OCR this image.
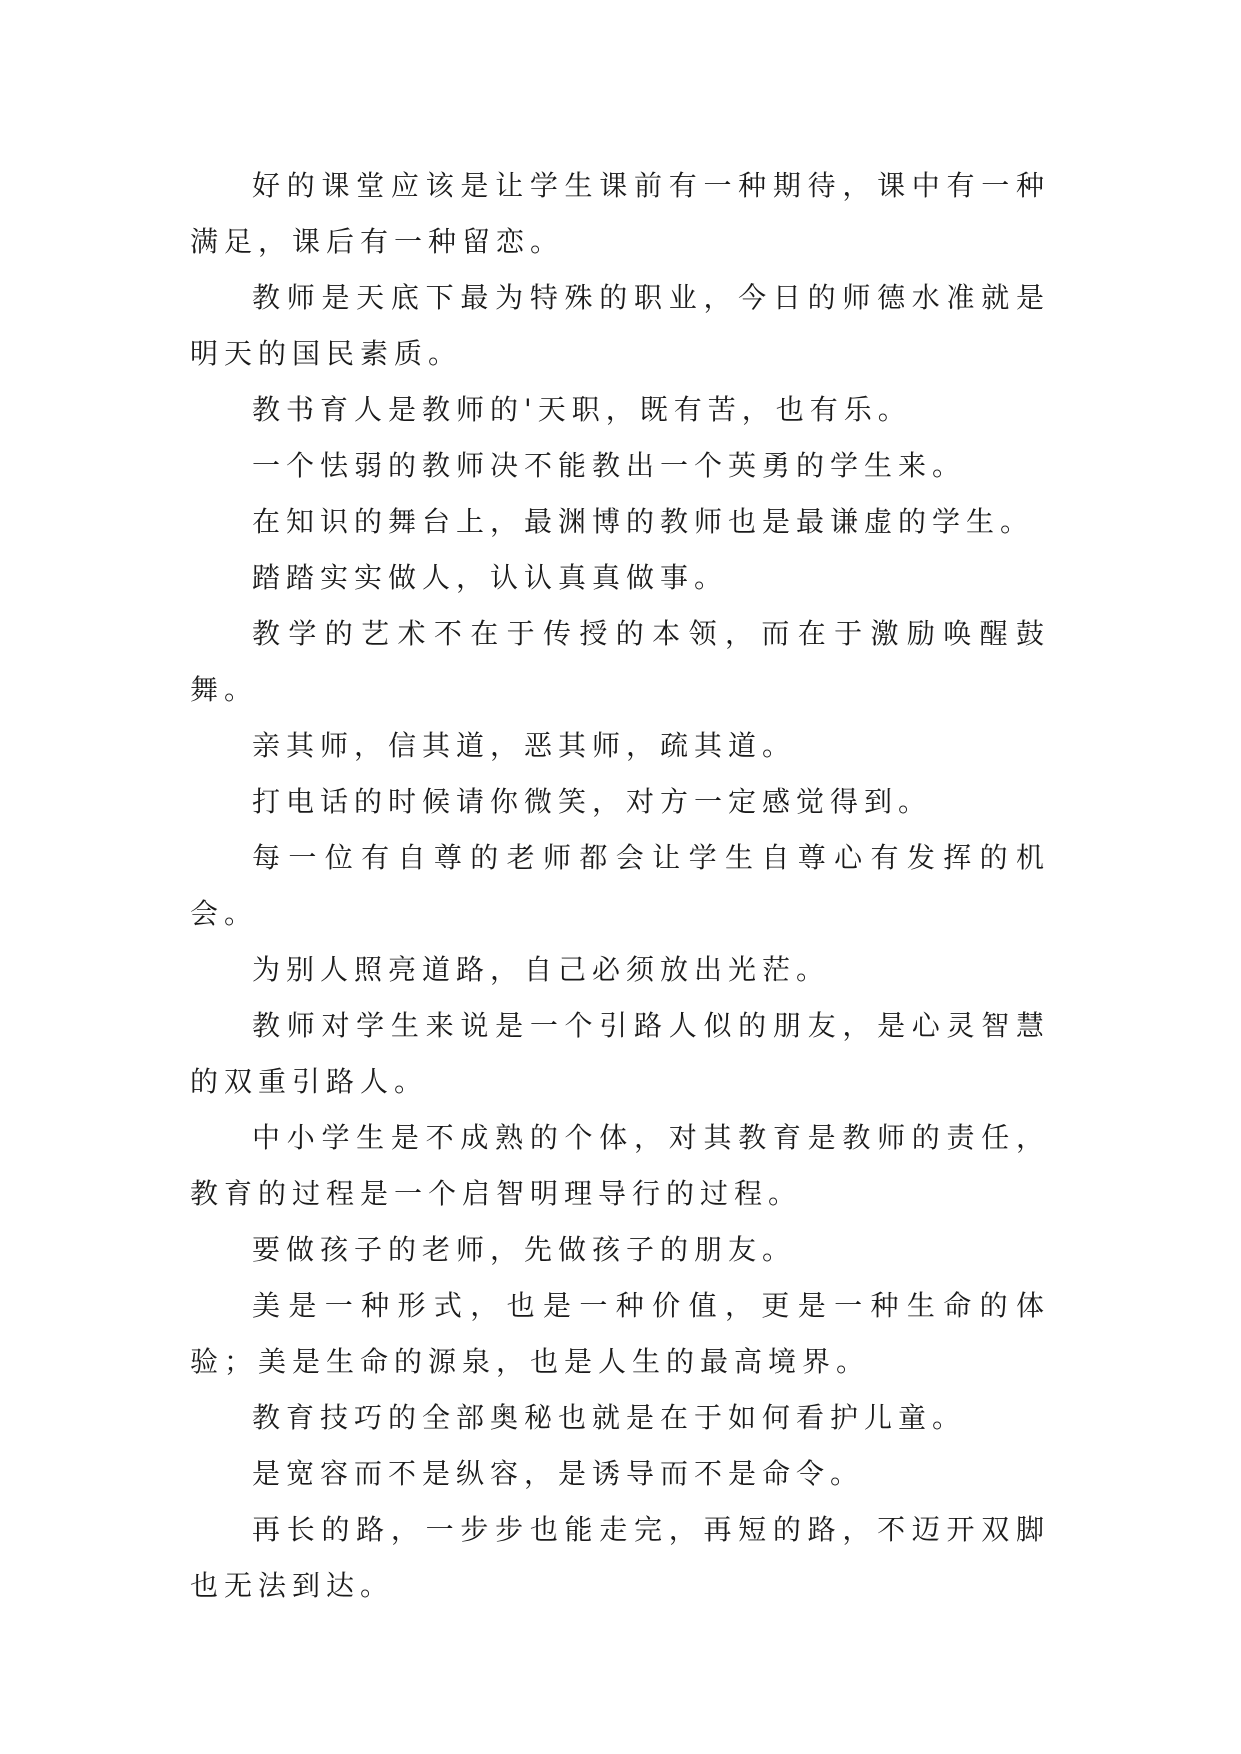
好的课堂应该是让学生课前有一种期待，课中有一种满足，课后有一种留恋。

教师是天底下最为特殊的职业，今日的师德水准就是明天的国民素质。

教书育人是教师的'天职，既有苦，也有乐。

一个怯弱的教师决不能教出一个英勇的学生来。

在知识的舞台上，最渊博的教师也是最谦虚的学生。

踏踏实实做人，认认真真做事。

教学的艺术不在于传授的本领，而在于激励唤醒鼓舞。

亲其师，信其道，恶其师，疏其道。

打电话的时候请你微笑，对方一定感觉得到。

每一位有自尊的老师都会让学生自尊心有发挥的机会。

为别人照亮道路，自己必须放出光茫。

教师对学生来说是一个引路人似的朋友，是心灵智慧的双重引路人。

中小学生是不成熟的个体，对其教育是教师的责任，教育的过程是一个启智明理导行的过程。

要做孩子的老师，先做孩子的朋友。

美是一种形式，也是一种价值，更是一种生命的体验；美是生命的源泉，也是人生的最高境界。

教育技巧的全部奥秘也就是在于如何看护儿童。

是宽容而不是纵容，是诱导而不是命令。

再长的路，一步步也能走完，再短的路，不迈开双脚也无法到达。
